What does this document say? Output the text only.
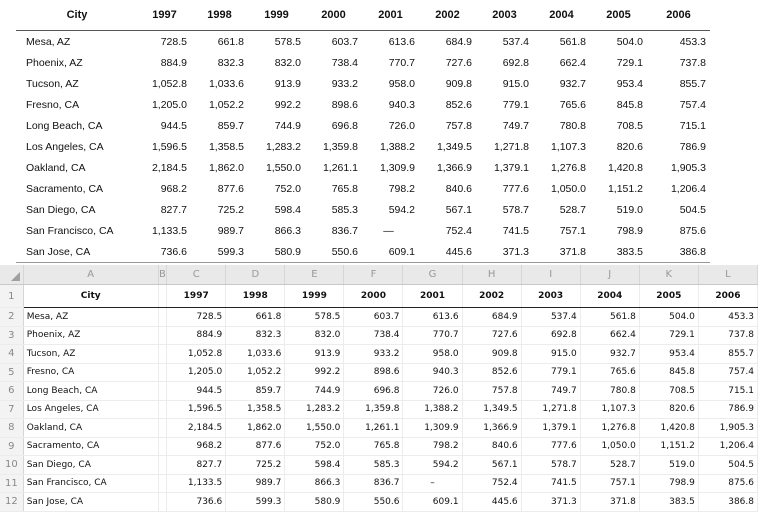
City	1997	1998	1999	2000	2001	2002	2003	2004	2005	2006
Mesa, AZ	728.5	661.8	578.5	603.7	613.6	684.9	537.4	561.8	504.0	453.3
Phoenix, AZ	884.9	832.3	832.0	738.4	770.7	727.6	692.8	662.4	729.1	737.8
Tucson, AZ	1,052.8	1,033.6	913.9	933.2	958.0	909.8	915.0	932.7	953.4	855.7
Fresno, CA	1,205.0	1,052.2	992.2	898.6	940.3	852.6	779.1	765.6	845.8	757.4
Long Beach, CA	944.5	859.7	744.9	696.8	726.0	757.8	749.7	780.8	708.5	715.1
Los Angeles, CA	1,596.5	1,358.5	1,283.2	1,359.8	1,388.2	1,349.5	1,271.8	1,107.3	820.6	786.9
Oakland, CA	2,184.5	1,862.0	1,550.0	1,261.1	1,309.9	1,366.9	1,379.1	1,276.8	1,420.8	1,905.3
Sacramento, CA	968.2	877.6	752.0	765.8	798.2	840.6	777.6	1,050.0	1,151.2	1,206.4
San Diego, CA	827.7	725.2	598.4	585.3	594.2	567.1	578.7	528.7	519.0	504.5
San Francisco, CA	1,133.5	989.7	866.3	836.7	—	752.4	741.5	757.1	798.9	875.6
San Jose, CA	736.6	599.3	580.9	550.6	609.1	445.6	371.3	371.8	383.5	386.8
	A	B	C	D	E	F	G	H	I	J	K	L
1	City		1997	1998	1999	2000	2001	2002	2003	2004	2005	2006
2	Mesa, AZ		728.5	661.8	578.5	603.7	613.6	684.9	537.4	561.8	504.0	453.3
3	Phoenix, AZ		884.9	832.3	832.0	738.4	770.7	727.6	692.8	662.4	729.1	737.8
4	Tucson, AZ		1,052.8	1,033.6	913.9	933.2	958.0	909.8	915.0	932.7	953.4	855.7
5	Fresno, CA		1,205.0	1,052.2	992.2	898.6	940.3	852.6	779.1	765.6	845.8	757.4
6	Long Beach, CA		944.5	859.7	744.9	696.8	726.0	757.8	749.7	780.8	708.5	715.1
7	Los Angeles, CA		1,596.5	1,358.5	1,283.2	1,359.8	1,388.2	1,349.5	1,271.8	1,107.3	820.6	786.9
8	Oakland, CA		2,184.5	1,862.0	1,550.0	1,261.1	1,309.9	1,366.9	1,379.1	1,276.8	1,420.8	1,905.3
9	Sacramento, CA		968.2	877.6	752.0	765.8	798.2	840.6	777.6	1,050.0	1,151.2	1,206.4
10	San Diego, CA		827.7	725.2	598.4	585.3	594.2	567.1	578.7	528.7	519.0	504.5
11	San Francisco, CA		1,133.5	989.7	866.3	836.7	–	752.4	741.5	757.1	798.9	875.6
12	San Jose, CA		736.6	599.3	580.9	550.6	609.1	445.6	371.3	371.8	383.5	386.8
